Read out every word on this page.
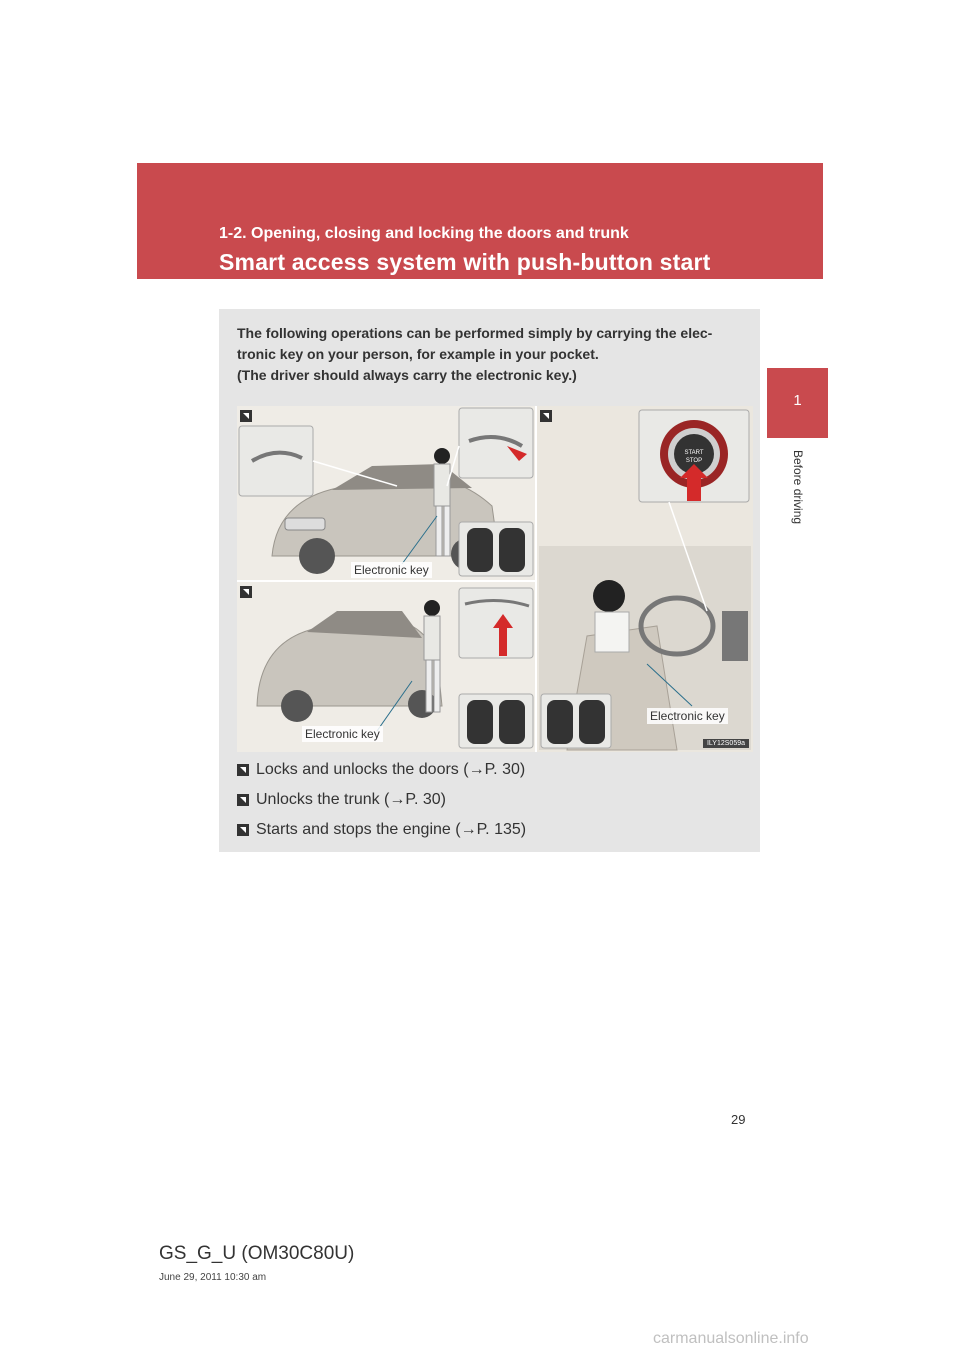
1-2. Opening, closing and locking the doors and trunk
Smart access system with push-button start
1
Before driving
The following operations can be performed simply by carrying the elec-
tronic key on your person, for example in your pocket.
(The driver should always carry the electronic key.)
START
STOP
Electronic key
Electronic key
Electronic key
ILY12S059a
Locks and unlocks the doors (→P. 30)
Unlocks the trunk (→P. 30)
Starts and stops the engine (→P. 135)
29
GS_G_U (OM30C80U)
June 29, 2011 10:30 am
carmanualsonline.info
